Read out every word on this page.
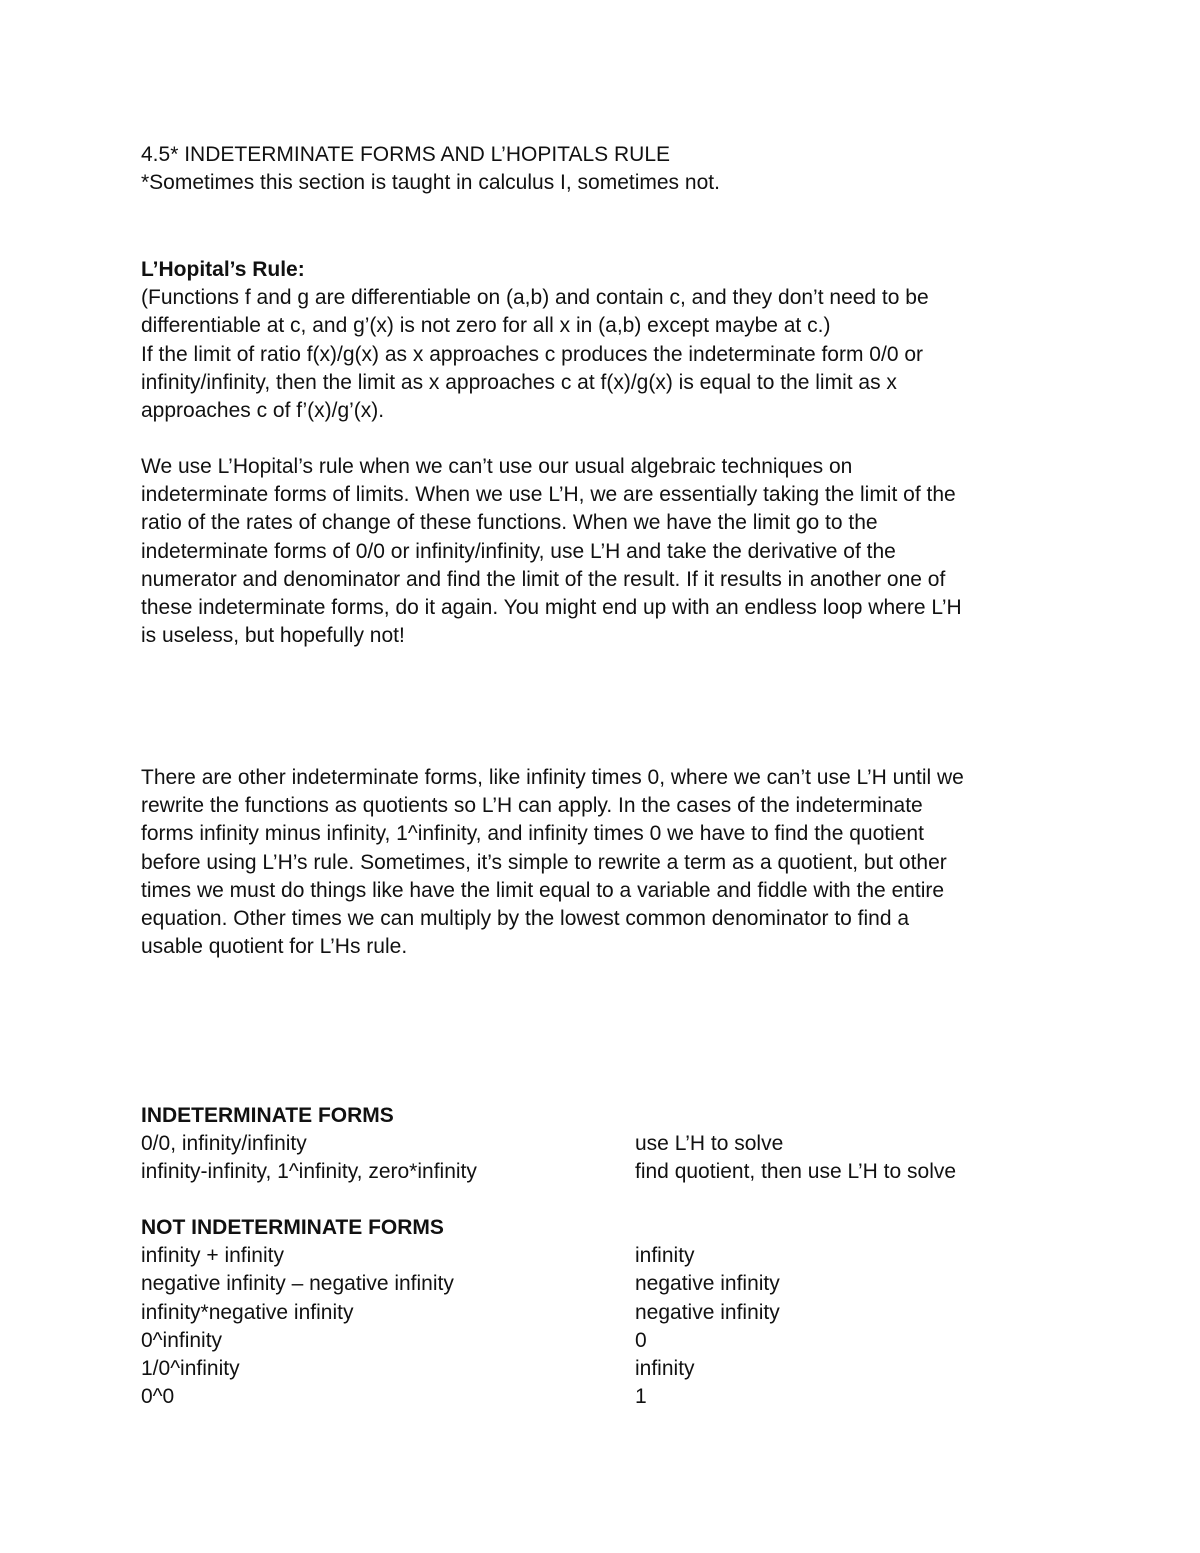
4.5* INDETERMINATE FORMS AND L’HOPITALS RULE
*Sometimes this section is taught in calculus I, sometimes not.
L’Hopital’s Rule:
(Functions f and g are differentiable on (a,b) and contain c, and they don’t need to be
differentiable at c, and g’(x) is not zero for all x in (a,b) except maybe at c.)
If the limit of ratio f(x)/g(x) as x approaches c produces the indeterminate form 0/0 or
infinity/infinity, then the limit as x approaches c at f(x)/g(x) is equal to the limit as x
approaches c of f’(x)/g’(x).
We use L’Hopital’s rule when we can’t use our usual algebraic techniques on
indeterminate forms of limits. When we use L’H, we are essentially taking the limit of the
ratio of the rates of change of these functions. When we have the limit go to the
indeterminate forms of 0/0 or infinity/infinity, use L’H and take the derivative of the
numerator and denominator and find the limit of the result. If it results in another one of
these indeterminate forms, do it again. You might end up with an endless loop where L’H
is useless, but hopefully not!
There are other indeterminate forms, like infinity times 0, where we can’t use L’H until we
rewrite the functions as quotients so L’H can apply. In the cases of the indeterminate
forms infinity minus infinity, 1^infinity, and infinity times 0 we have to find the quotient
before using L’H’s rule. Sometimes, it’s simple to rewrite a term as a quotient, but other
times we must do things like have the limit equal to a variable and fiddle with the entire
equation. Other times we can multiply by the lowest common denominator to find a
usable quotient for L’Hs rule.
INDETERMINATE FORMS
0/0, infinity/infinity	use L’H to solve
infinity-infinity, 1^infinity, zero*infinity	find quotient, then use L’H to solve
NOT INDETERMINATE FORMS
infinity + infinity	infinity
negative infinity – negative infinity	negative infinity
infinity*negative infinity	negative infinity
0^infinity	0
1/0^infinity	infinity
0^0	1
